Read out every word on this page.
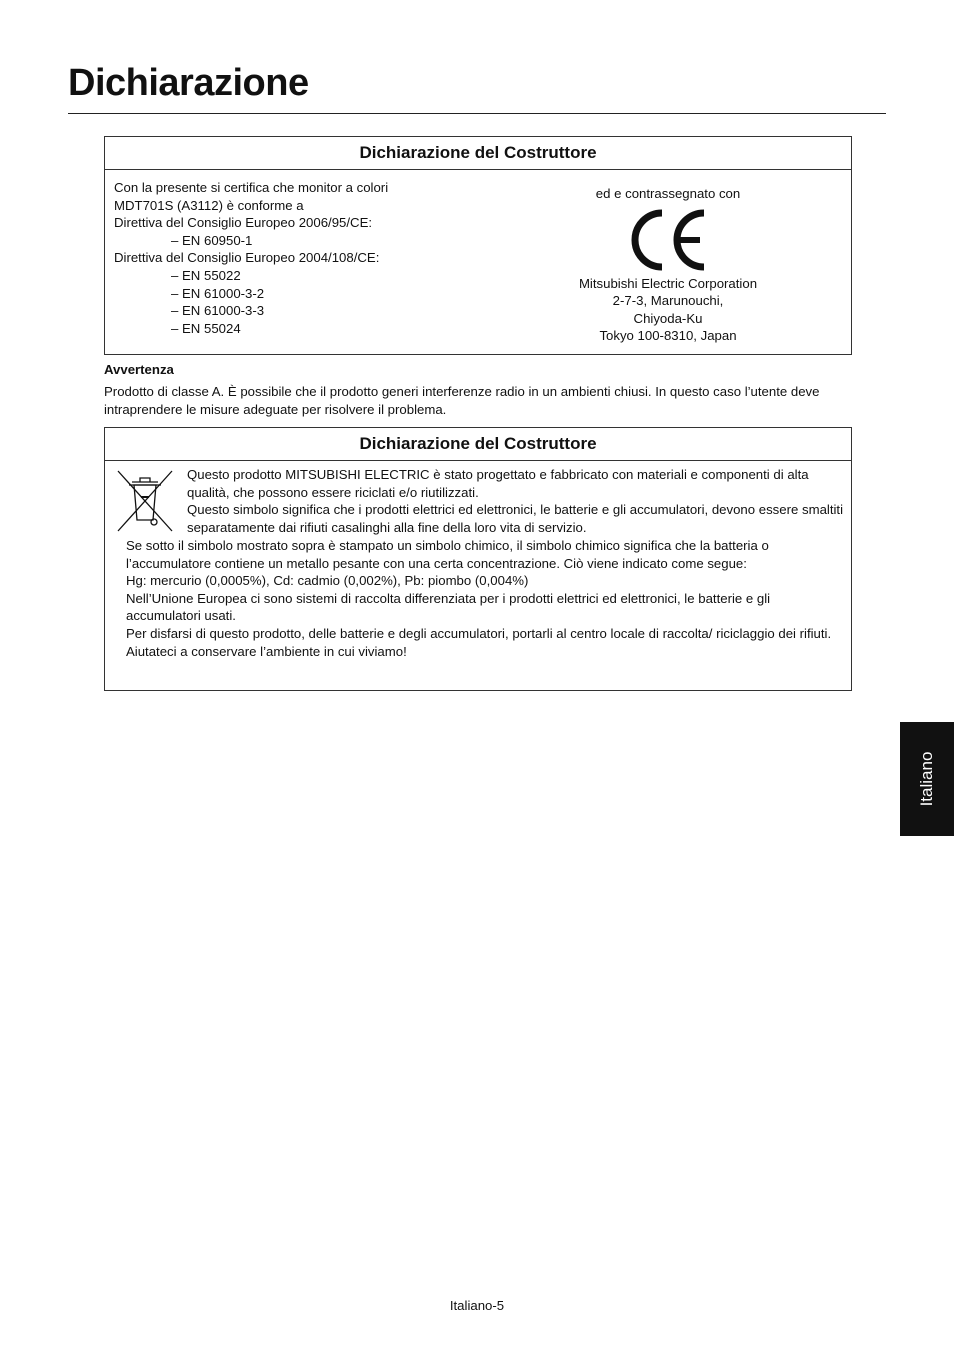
Dichiarazione
Dichiarazione del Costruttore
Con la presente si certifica che monitor a colori
MDT701S (A3112) è conforme a
Direttiva del Consiglio Europeo 2006/95/CE:
– EN 60950-1
Direttiva del Consiglio Europeo 2004/108/CE:
– EN 55022
– EN 61000-3-2
– EN 61000-3-3
– EN 55024
ed e contrassegnato con
Mitsubishi Electric Corporation
2-7-3, Marunouchi,
Chiyoda-Ku
Tokyo 100-8310, Japan
Avvertenza
Prodotto di classe A. È possibile che il prodotto generi interferenze radio in un ambienti chiusi. In questo caso l’utente deve intraprendere le misure adeguate per risolvere il problema.
Dichiarazione del Costruttore
Questo prodotto MITSUBISHI ELECTRIC è stato progettato e fabbricato con materiali e componenti di alta qualità, che possono essere riciclati e/o riutilizzati.
Questo simbolo significa che i prodotti elettrici ed elettronici, le batterie e gli accumulatori, devono essere smaltiti separatamente dai rifiuti casalinghi alla fine della loro vita di servizio.
Se sotto il simbolo mostrato sopra è stampato un simbolo chimico, il simbolo chimico significa che la batteria o l’accumulatore contiene un metallo pesante con una certa concentrazione. Ciò viene indicato come segue:
Hg: mercurio (0,0005%), Cd: cadmio (0,002%), Pb: piombo (0,004%)
Nell’Unione Europea ci sono sistemi di raccolta differenziata per i prodotti elettrici ed elettronici, le batterie e gli accumulatori usati.
Per disfarsi di questo prodotto, delle batterie e degli accumulatori, portarli al centro locale di raccolta/ riciclaggio dei rifiuti.
Aiutateci a conservare l’ambiente in cui viviamo!
Italiano
Italiano-5
